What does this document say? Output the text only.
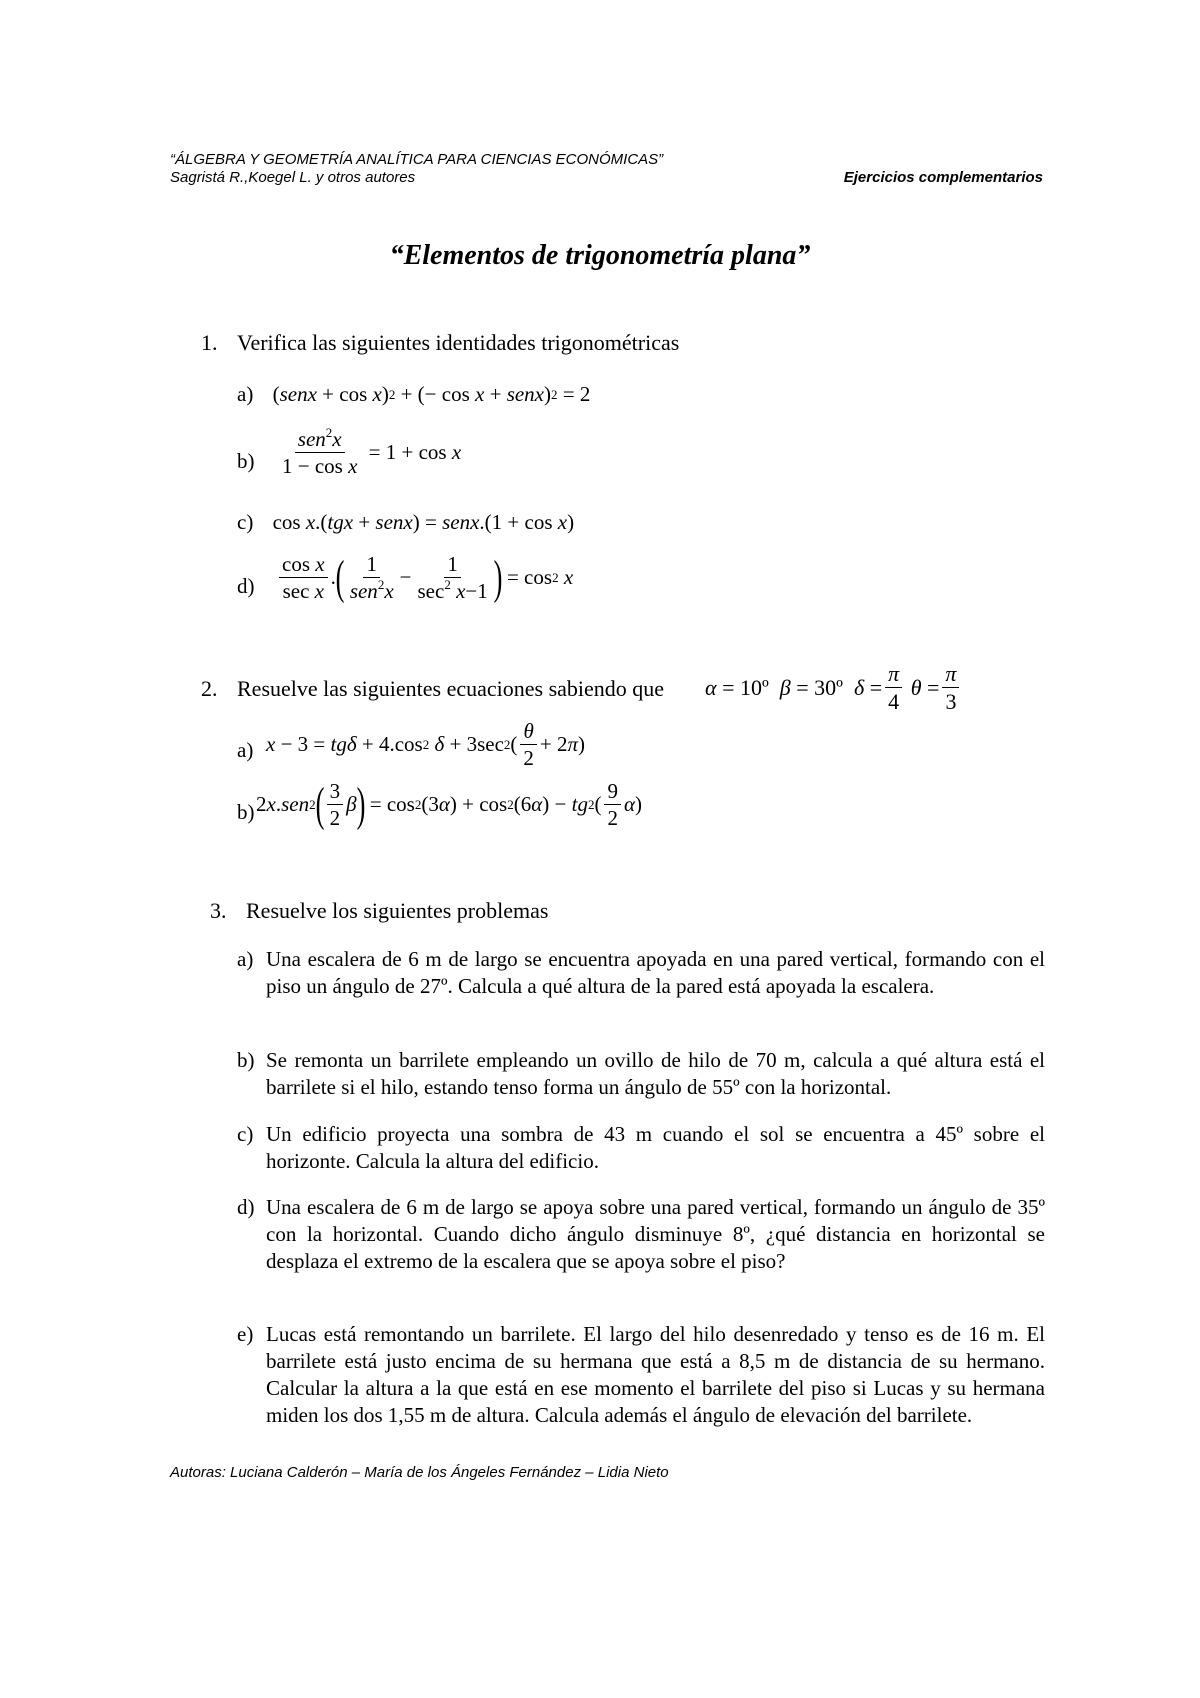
“ÁLGEBRA Y GEOMETRÍA ANALÍTICA PARA CIENCIAS ECONÓMICAS”
Sagristá R.,Koegel L. y otros autores	Ejercicios complementarios
“Elementos de trigonometría plana”
1. Verifica las siguientes identidades trigonométricas
a) ( senx + cos x ) 2 + (− cos x + senx ) 2 = 2
$b) \frac{sen^2x}{\text{1 − cos x}} = 1 + \cos x$
c) cos x .( tgx + senx ) = senx .(1 + cos x )
$d) \frac{\text{cos x}}{\text{sec x}}$ . ( $\frac{1}{sen^2x} - \frac{1}{\sec^2 x-1}$ ) = cos 2
x
2. Resuelve las siguientes ecuaciones sabiendo que α = 10º β = 30º $\delta = \frac{\pi}{4}$
$\theta = \frac{\pi}{3}$
a) x − 3 = tgδ + 4.cos 2
δ + 3sec 2 ( $\frac{\theta}{2} + 2$ π )
b) 2 x . sen 2 ( $\frac{3}{2}$ β ) = cos 2 (3 α ) + cos 2 (6 α ) − tg 2 ( $\frac{9}{2}$ α )
3. Resuelve los siguientes problemas
a) Una escalera de 6 m de largo se encuentra apoyada en una pared vertical, formando con el piso un ángulo de 27º. Calcula a qué altura de la pared está apoyada la escalera.
b) Se remonta un barrilete empleando un ovillo de hilo de 70 m, calcula a qué altura está el barrilete si el hilo, estando tenso forma un ángulo de 55º con la horizontal.
c) Un edificio proyecta una sombra de 43 m cuando el sol se encuentra a 45º sobre el horizonte. Calcula la altura del edificio.
d) Una escalera de 6 m de largo se apoya sobre una pared vertical, formando un ángulo de 35º con la horizontal. Cuando dicho ángulo disminuye 8º, ¿qué distancia en horizontal se desplaza el extremo de la escalera que se apoya sobre el piso?
e) Lucas está remontando un barrilete. El largo del hilo desenredado y tenso es de 16 m. El barrilete está justo encima de su hermana que está a 8,5 m de distancia de su hermano. Calcular la altura a la que está en ese momento el barrilete del piso si Lucas y su hermana miden los dos 1,55 m de altura. Calcula además el ángulo de elevación del barrilete.
Autoras: Luciana Calderón – María de los Ángeles Fernández – Lidia Nieto
